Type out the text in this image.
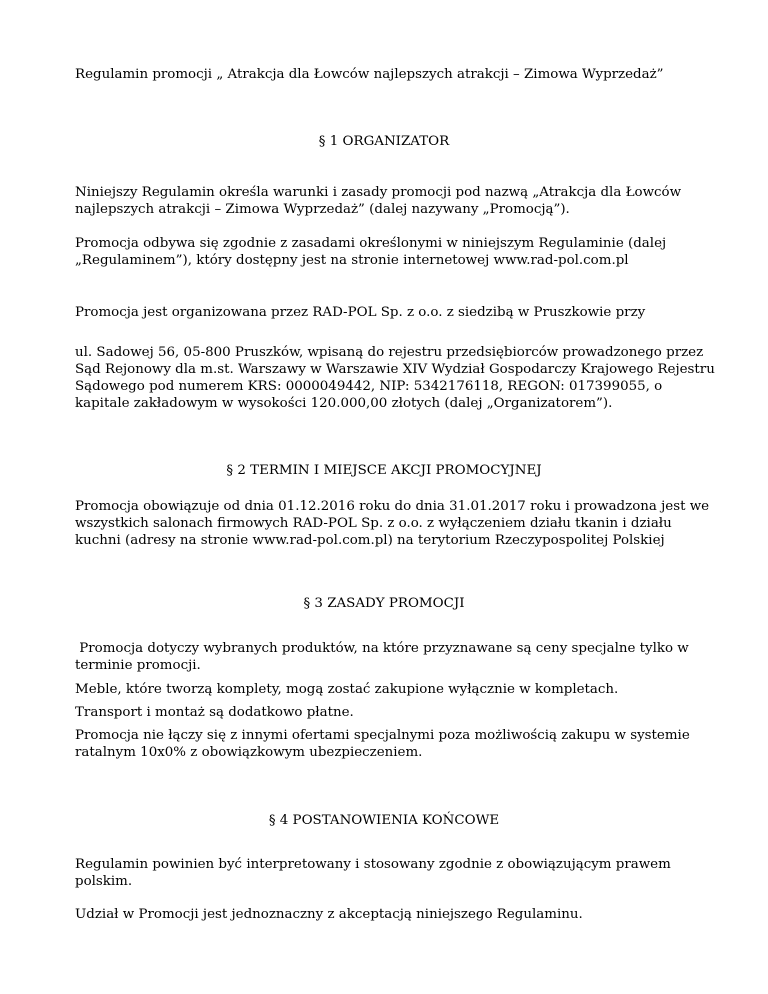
Regulamin promocji „ Atrakcja dla Łowców najlepszych atrakcji – Zimowa Wyprzedaż”

§ 1 ORGANIZATOR

Niniejszy Regulamin określa warunki i zasady promocji pod nazwą „Atrakcja dla Łowców najlepszych atrakcji – Zimowa Wyprzedaż” (dalej nazywany „Promocją”).

Promocja odbywa się zgodnie z zasadami określonymi w niniejszym Regulaminie (dalej „Regulaminem”), który dostępny jest na stronie internetowej www.rad-pol.com.pl

Promocja jest organizowana przez RAD-POL Sp. z o.o. z siedzibą w Pruszkowie przy

ul. Sadowej 56, 05-800 Pruszków, wpisaną do rejestru przedsiębiorców prowadzonego przez Sąd Rejonowy dla m.st. Warszawy w Warszawie XIV Wydział Gospodarczy Krajowego Rejestru Sądowego pod numerem KRS: 0000049442, NIP: 5342176118, REGON: 017399055, o kapitale zakładowym w wysokości 120.000,00 złotych (dalej „Organizatorem”).

§ 2 TERMIN I MIEJSCE AKCJI PROMOCYJNEJ

Promocja obowiązuje od dnia 01.12.2016 roku do dnia 31.01.2017 roku i prowadzona jest we wszystkich salonach firmowych RAD-POL Sp. z o.o. z wyłączeniem działu tkanin i działu kuchni (adresy na stronie www.rad-pol.com.pl) na terytorium Rzeczypospolitej Polskiej

§ 3 ZASADY PROMOCJI

Promocja dotyczy wybranych produktów, na które przyznawane są ceny specjalne tylko w terminie promocji.

Meble, które tworzą komplety, mogą zostać zakupione wyłącznie w kompletach.

Transport i montaż są dodatkowo płatne.

Promocja nie łączy się z innymi ofertami specjalnymi poza możliwością zakupu w systemie ratalnym 10x0% z obowiązkowym ubezpieczeniem.

§ 4 POSTANOWIENIA KOŃCOWE

Regulamin powinien być interpretowany i stosowany zgodnie z obowiązującym prawem polskim.

Udział w Promocji jest jednoznaczny z akceptacją niniejszego Regulaminu.
